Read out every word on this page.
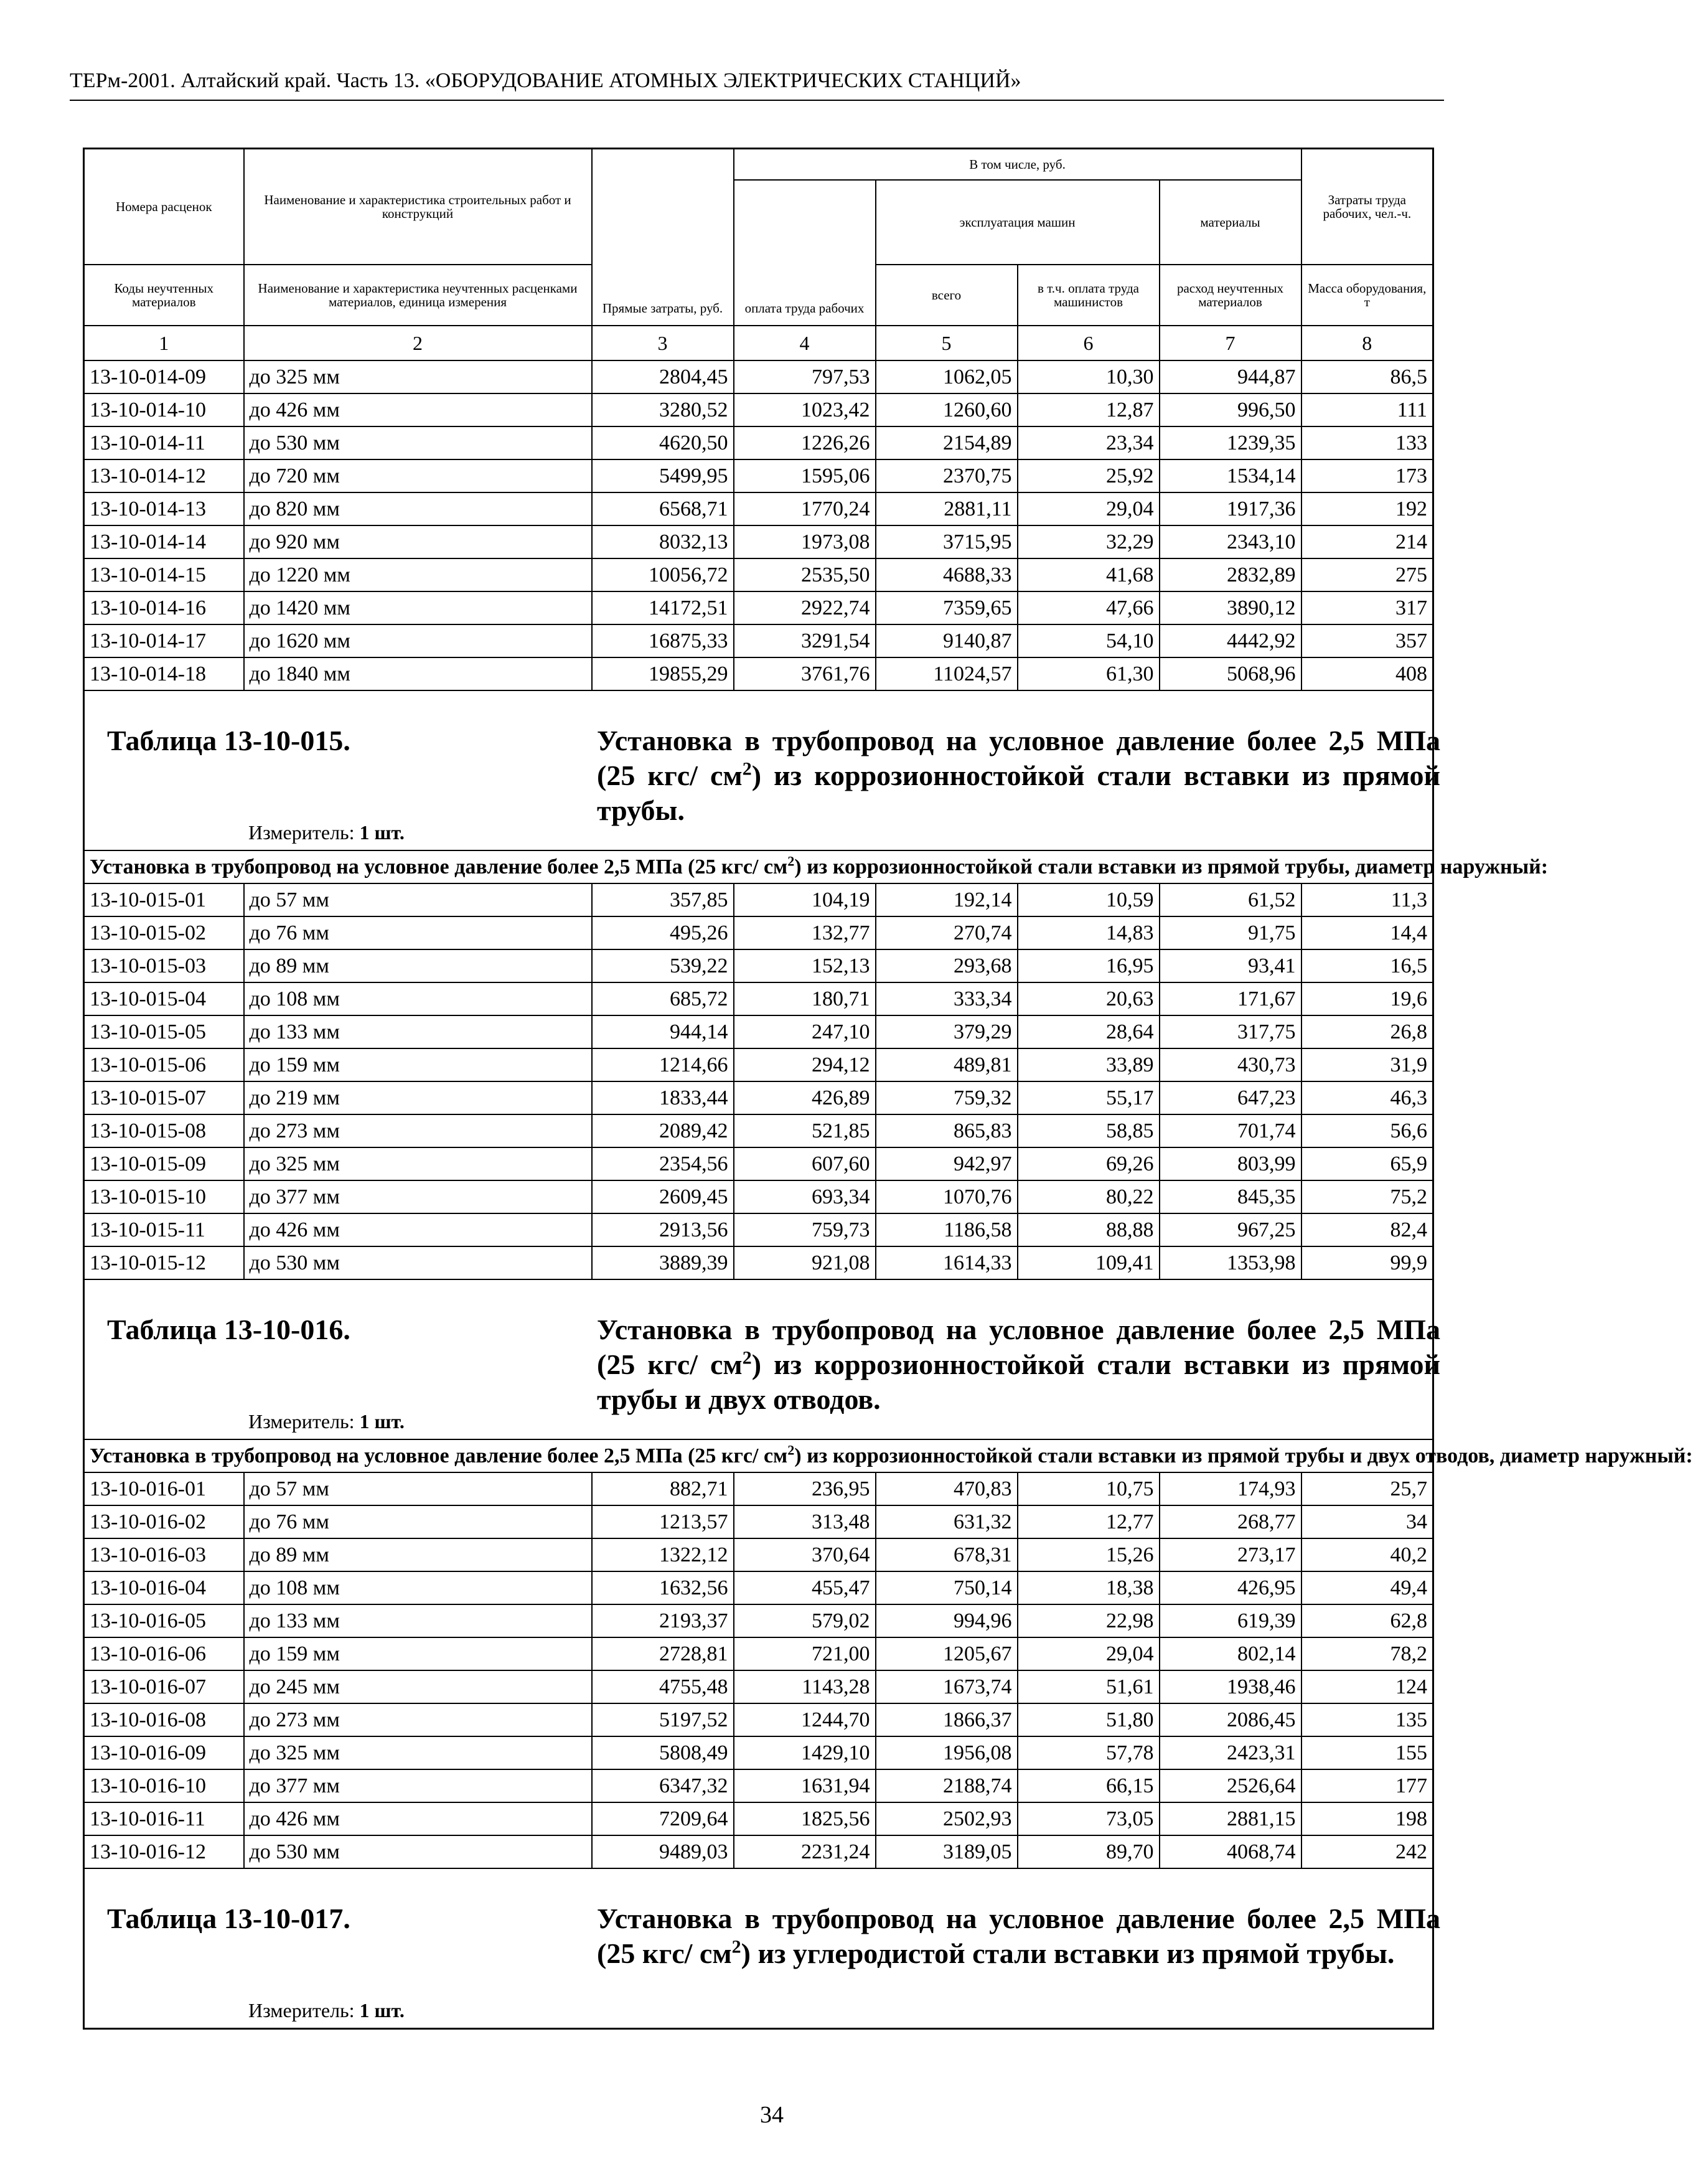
ТЕРм-2001. Алтайский край. Часть 13. «ОБОРУДОВАНИЕ АТОМНЫХ ЭЛЕКТРИЧЕСКИХ СТАНЦИЙ»
Номера расценок	Наименование и характеристика строительных работ и конструкций	Прямые затраты, руб.	В том числе, руб.				Затраты труда рабочих, чел.-ч.
			оплата труда рабочих	эксплуатация машин		материалы	
Коды неучтенных материалов	Наименование и характеристика неучтенных расценками материалов, единица измерения			всего	в т.ч. оплата труда машинистов	расход неучтенных материалов	Масса оборудования, т
1	2	3	4	5	6	7	8
13-10-014-09	до 325 мм	2804,45	797,53	1062,05	10,30	944,87	86,5
13-10-014-10	до 426 мм	3280,52	1023,42	1260,60	12,87	996,50	111
13-10-014-11	до 530 мм	4620,50	1226,26	2154,89	23,34	1239,35	133
13-10-014-12	до 720 мм	5499,95	1595,06	2370,75	25,92	1534,14	173
13-10-014-13	до 820 мм	6568,71	1770,24	2881,11	29,04	1917,36	192
13-10-014-14	до 920 мм	8032,13	1973,08	3715,95	32,29	2343,10	214
13-10-014-15	до 1220 мм	10056,72	2535,50	4688,33	41,68	2832,89	275
13-10-014-16	до 1420 мм	14172,51	2922,74	7359,65	47,66	3890,12	317
13-10-014-17	до 1620 мм	16875,33	3291,54	9140,87	54,10	4442,92	357
13-10-014-18	до 1840 мм	19855,29	3761,76	11024,57	61,30	5068,96	408

Таблица 13-10-015. Установка в трубопровод на условное давление более 2,5 МПа (25 кгс/ $см^2$) из коррозионностойкой стали вставки из прямой трубы.
Измеритель: 1 шт.							

Установка в трубопровод на условное давление более 2,5 МПа (25 кгс/ $см^2$) из коррозионностойкой стали вставки из прямой трубы, диаметр наружный:							
13-10-015-01	до 57 мм	357,85	104,19	192,14	10,59	61,52	11,3
13-10-015-02	до 76 мм	495,26	132,77	270,74	14,83	91,75	14,4
13-10-015-03	до 89 мм	539,22	152,13	293,68	16,95	93,41	16,5
13-10-015-04	до 108 мм	685,72	180,71	333,34	20,63	171,67	19,6
13-10-015-05	до 133 мм	944,14	247,10	379,29	28,64	317,75	26,8
13-10-015-06	до 159 мм	1214,66	294,12	489,81	33,89	430,73	31,9
13-10-015-07	до 219 мм	1833,44	426,89	759,32	55,17	647,23	46,3
13-10-015-08	до 273 мм	2089,42	521,85	865,83	58,85	701,74	56,6
13-10-015-09	до 325 мм	2354,56	607,60	942,97	69,26	803,99	65,9
13-10-015-10	до 377 мм	2609,45	693,34	1070,76	80,22	845,35	75,2
13-10-015-11	до 426 мм	2913,56	759,73	1186,58	88,88	967,25	82,4
13-10-015-12	до 530 мм	3889,39	921,08	1614,33	109,41	1353,98	99,9

Таблица 13-10-016. Установка в трубопровод на условное давление более 2,5 МПа (25 кгс/ $см^2$) из коррозионностойкой стали вставки из прямой трубы и двух отводов.
Измеритель: 1 шт.							

Установка в трубопровод на условное давление более 2,5 МПа (25 кгс/ $см^2$) из коррозионностойкой стали вставки из прямой трубы и двух отводов, диаметр наружный:							
13-10-016-01	до 57 мм	882,71	236,95	470,83	10,75	174,93	25,7
13-10-016-02	до 76 мм	1213,57	313,48	631,32	12,77	268,77	34
13-10-016-03	до 89 мм	1322,12	370,64	678,31	15,26	273,17	40,2
13-10-016-04	до 108 мм	1632,56	455,47	750,14	18,38	426,95	49,4
13-10-016-05	до 133 мм	2193,37	579,02	994,96	22,98	619,39	62,8
13-10-016-06	до 159 мм	2728,81	721,00	1205,67	29,04	802,14	78,2
13-10-016-07	до 245 мм	4755,48	1143,28	1673,74	51,61	1938,46	124
13-10-016-08	до 273 мм	5197,52	1244,70	1866,37	51,80	2086,45	135
13-10-016-09	до 325 мм	5808,49	1429,10	1956,08	57,78	2423,31	155
13-10-016-10	до 377 мм	6347,32	1631,94	2188,74	66,15	2526,64	177
13-10-016-11	до 426 мм	7209,64	1825,56	2502,93	73,05	2881,15	198
13-10-016-12	до 530 мм	9489,03	2231,24	3189,05	89,70	4068,74	242

Таблица 13-10-017. Установка в трубопровод на условное давление более 2,5 МПа (25 кгс/ $см^2$) из углеродистой стали вставки из прямой трубы.
Измеритель: 1 шт.							
34
